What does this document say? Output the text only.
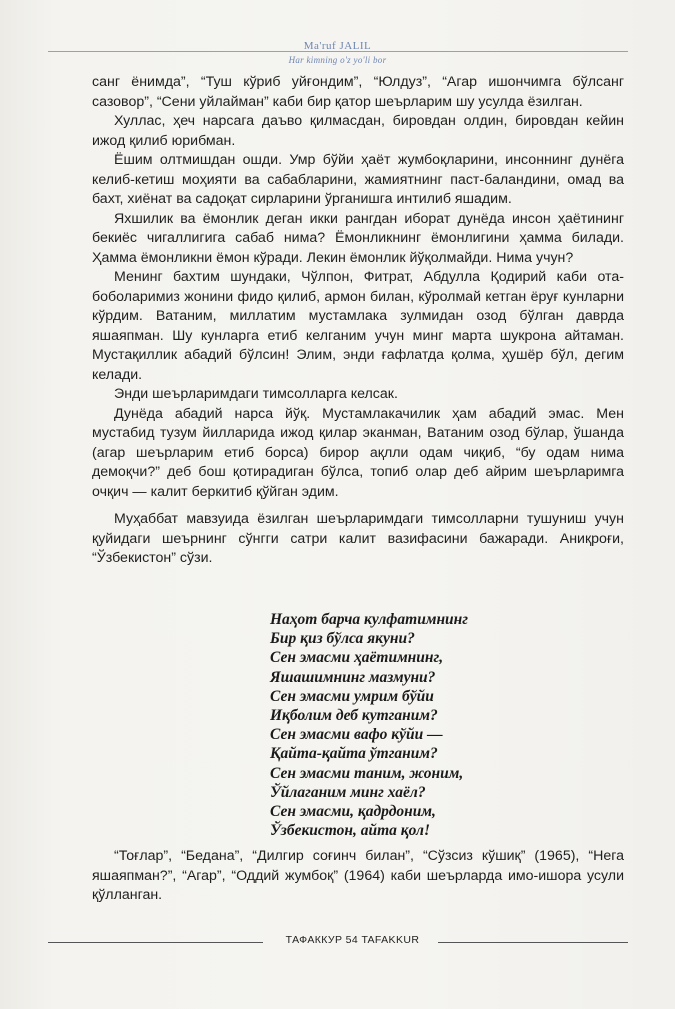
Ma'ruf JALIL
Har kimning o'z yo'li bor

санг ёнимда”, “Туш кўриб уйғондим”, “Юлдуз”, “Агар ишончимга бўлсанг сазовор”, “Сени уйлайман” каби бир қатор шеърларим шу усулда ёзилган.

Хуллас, ҳеч нарсага даъво қилмасдан, бировдан олдин, бировдан кейин ижод қилиб юрибман.

Ёшим олтмишдан ошди. Умр бўйи ҳаёт жумбоқларини, инсоннинг дунёга келиб-кетиш моҳияти ва сабабларини, жамиятнинг паст-баландини, омад ва бахт, хиёнат ва садоқат сирларини ўрганишга интилиб яшадим.

Яхшилик ва ёмонлик деган икки рангдан иборат дунёда инсон ҳаётининг бекиёс чигаллигига сабаб нима? Ёмонликнинг ёмонлигини ҳамма билади. Ҳамма ёмонликни ёмон кўради. Лекин ёмонлик йўқолмайди. Нима учун?

Менинг бахтим шундаки, Чўлпон, Фитрат, Абдулла Қодирий каби ота-боболаримиз жонини фидо қилиб, армон билан, кўролмай кетган ёруғ кунларни кўрдим. Ватаним, миллатим мустамлака зулмидан озод бўлган даврда яшаяпман. Шу кунларга етиб келганим учун минг марта шукрона айтаман. Мустақиллик абадий бўлсин! Элим, энди ғафлатда қолма, ҳушёр бўл, дегим келади.

Энди шеърларимдаги тимсолларга келсак.

Дунёда абадий нарса йўқ. Мустамлакачилик ҳам абадий эмас. Мен мустабид тузум йилларида ижод қилар эканман, Ватаним озод бўлар, ўшанда (агар шеърларим етиб борса) бирор ақлли одам чиқиб, “бу одам нима демоқчи?” деб бош қотирадиган бўлса, топиб олар деб айрим шеърларимга очқич — калит беркитиб қўйган эдим.

Муҳаббат мавзуида ёзилган шеърларимдаги тимсолларни тушуниш учун қуйидаги шеърнинг сўнгги сатри калит вазифасини бажаради. Аниқроғи, “Ўзбекистон” сўзи.

Наҳот барча кулфатимнинг
Бир қиз бўлса якуни?
Сен эмасми ҳаётимнинг,
Яшашимнинг мазмуни?
Сен эмасми умрим бўйи
Иқболим деб кутганим?
Сен эмасми вафо кўйи —
Қайта-қайта ўтганим?
Сен эмасми таним, жоним,
Ўйлаганим минг хаёл?
Сен эмасми, қадрдоним,
Ўзбекистон, айта қол!

“Тоғлар”, “Бедана”, “Дилгир соғинч билан”, “Сўзсиз кўшиқ” (1965), “Нега яшаяпман?”, “Агар”, “Оддий жумбоқ” (1964) каби шеърларда имо-ишора усули қўлланган.

ТАФАККУР 54 TAFAKKUR
